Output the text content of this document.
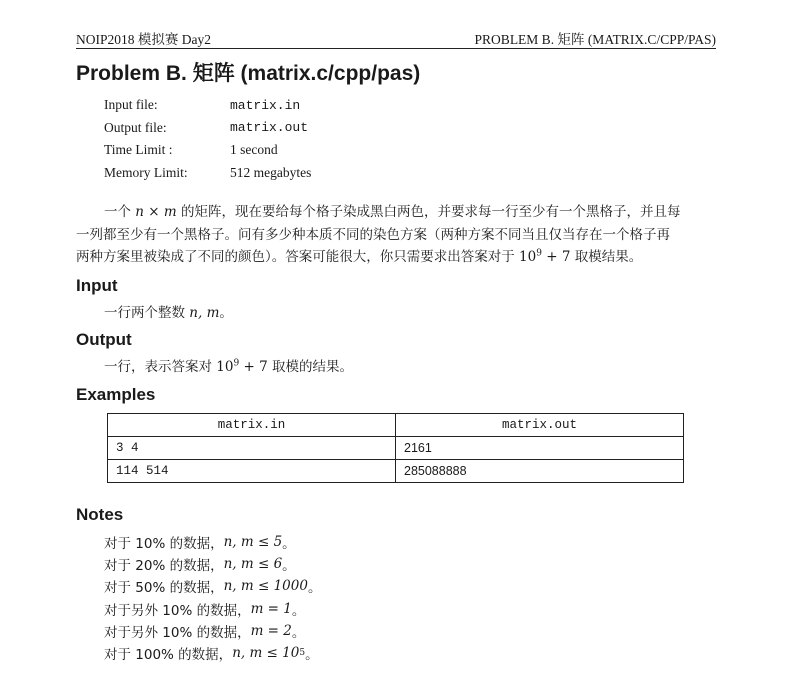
NOIP2018 模拟赛 Day2	PROBLEM B. 矩阵 (MATRIX.C/CPP/PAS)
Problem B. 矩阵 (matrix.c/cpp/pas)
Input file:	matrix.in
Output file:	matrix.out
Time Limit :	1 second
Memory Limit:	512 megabytes
一个 n × m 的矩阵，现在要给每个格子染成黑白两色，并要求每一行至少有一个黑格子，并且每
一列都至少有一个黑格子。问有多少种本质不同的染色方案（两种方案不同当且仅当存在一个格子再
两种方案里被染成了不同的颜色）。答案可能很大，你只需要求出答案对于 $10^9 + 7$ 取模结果。
Input
一行两个整数 n, m。
Output
一行，表示答案对 $10^9 + 7$ 取模的结果。
Examples
matrix.in	matrix.out
3 4	2161
114 514	285088888
Notes
对于 10% 的数据， n, m ≤ 5 。
对于 20% 的数据， n, m ≤ 6 。
对于 50% 的数据， n, m ≤ 1000 。
对于另外 10% 的数据， m = 1 。
对于另外 10% 的数据， m = 2 。
对于 100% 的数据， n, m ≤ 10 5 。
